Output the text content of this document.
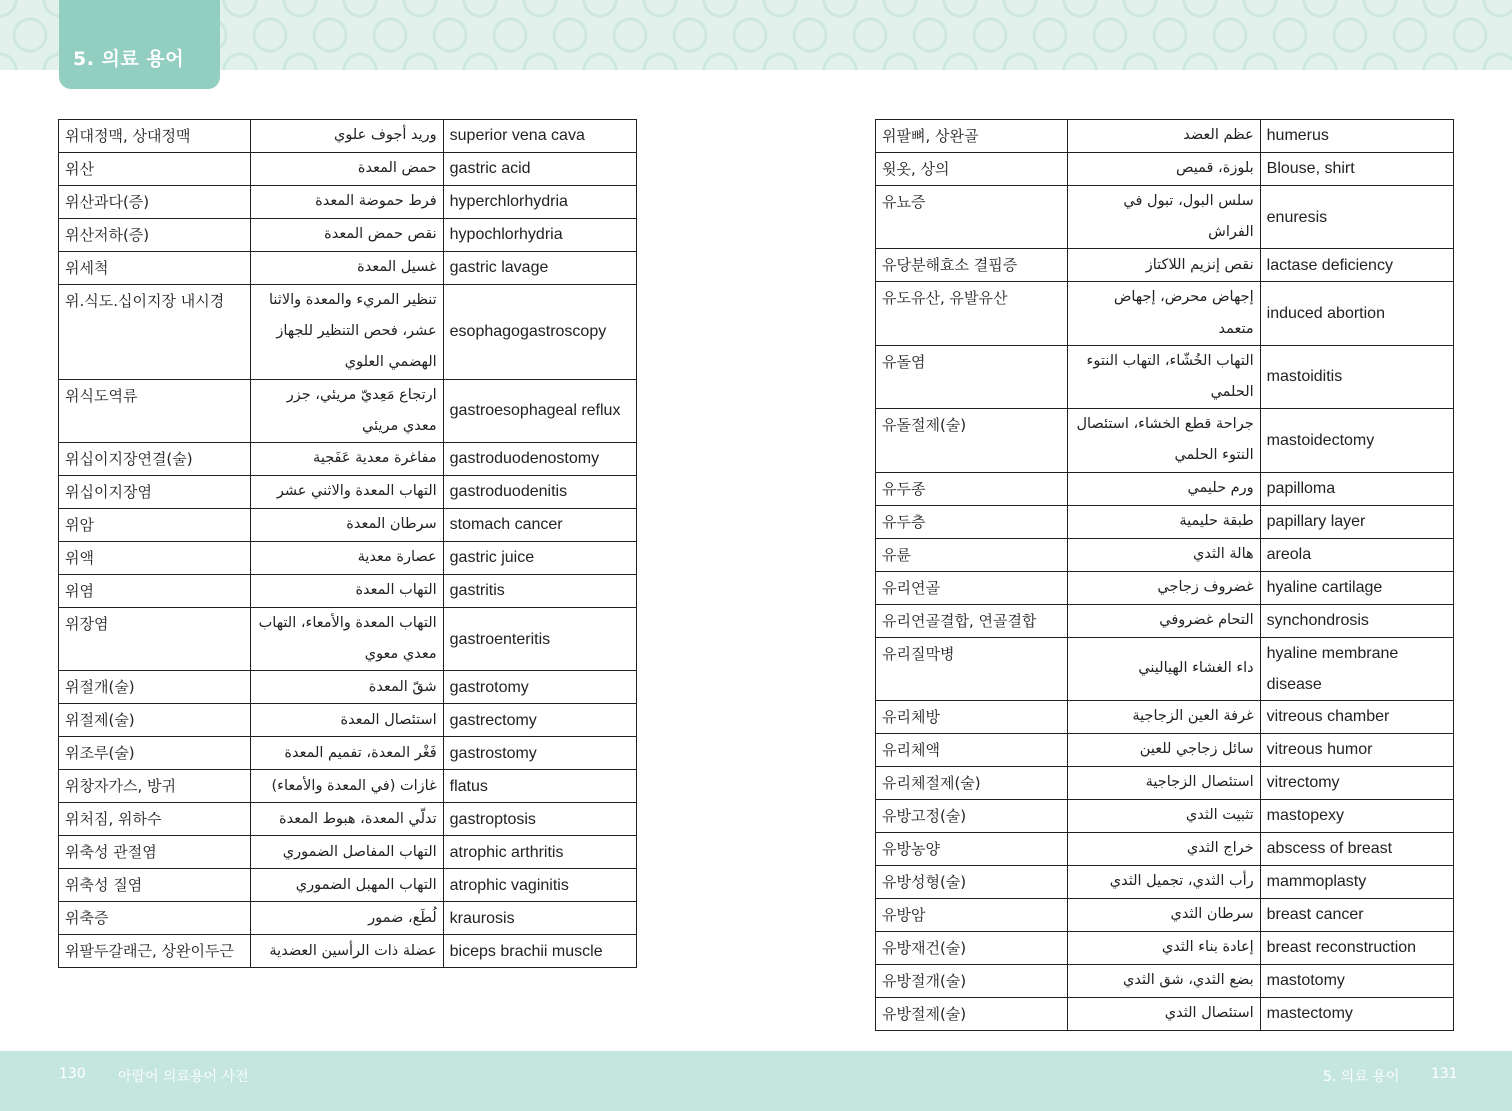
5. 의료 용어
위대정맥, 상대정맥	وريد أجوف علوي	superior vena cava
위산	حمض المعدة	gastric acid
위산과다(증)	فرط حموضة المعدة	hyperchlorhydria
위산저하(증)	نقص حمض المعدة	hypochlorhydria
위세척	غسيل المعدة	gastric lavage
위.식도.십이지장 내시경	تنظير المريء والمعدة والاثنا عشر، فحص التنظير للجهاز الهضمي العلوي	esophagogastroscopy
위식도역류	ارتجاع مَعِديّ مريئي، جزر معدي مريئي	gastroesophageal reflux
위십이지장연결(술)	مفاغرة معدية عَفَجية	gastroduodenostomy
위십이지장염	التهاب المعدة والاثني عشر	gastroduodenitis
위암	سرطان المعدة	stomach cancer
위액	عصارة معدية	gastric juice
위염	التهاب المعدة	gastritis
위장염	التهاب المعدة والأمعاء، التهاب معدي معوي	gastroenteritis
위절개(술)	شقّ المعدة	gastrotomy
위절제(술)	استئصال المعدة	gastrectomy
위조루(술)	فَغْر المعدة، تفميم المعدة	gastrostomy
위창자가스, 방귀	غازات (في المعدة والأمعاء)	flatus
위처짐, 위하수	تدلّي المعدة، هبوط المعدة	gastroptosis
위축성 관절염	التهاب المفاصل الضموري	atrophic arthritis
위축성 질염	التهاب المهبل الضموري	atrophic vaginitis
위축증	لُطَع، ضمور	kraurosis
위팔두갈래근, 상완이두근	عضلة ذات الرأسين العضدية	biceps brachii muscle
위팔뼈, 상완골	عظم العضد	humerus
윗옷, 상의	بلوزة، قميص	Blouse, shirt
유뇨증	سلس البول، تبول في الفراش	enuresis
유당분해효소 결핍증	نقص إنزيم اللاكتاز	lactase deficiency
유도유산, 유발유산	إجهاض محرض، إجهاض متعمد	induced abortion
유돌염	التهاب الخُشّاء، التهاب النتوء الحلمي	mastoiditis
유돌절제(술)	جراحة قطع الخشاء، استئصال النتوء الحلمي	mastoidectomy
유두종	ورم حليمي	papilloma
유두층	طبقة حليمية	papillary layer
유륜	هالة الثدي	areola
유리연골	غضروف زجاجي	hyaline cartilage
유리연골결합, 연골결합	التحام غضروفي	synchondrosis
유리질막병	داء الغشاء الهياليني	hyaline membrane disease
유리체방	غرفة العين الزجاجية	vitreous chamber
유리체액	سائل زجاجي للعين	vitreous humor
유리체절제(술)	استئصال الزجاجية	vitrectomy
유방고정(술)	تثبيت الثدي	mastopexy
유방농양	خراج الثدي	abscess of breast
유방성형(술)	رأب الثدي، تجميل الثدي	mammoplasty
유방암	سرطان الثدي	breast cancer
유방재건(술)	إعادة بناء الثدي	breast reconstruction
유방절개(술)	بضع الثدي، شق الثدي	mastotomy
유방절제(술)	استئصال الثدي	mastectomy
130 아랍어 의료용어 사전	5. 의료 용어 131
